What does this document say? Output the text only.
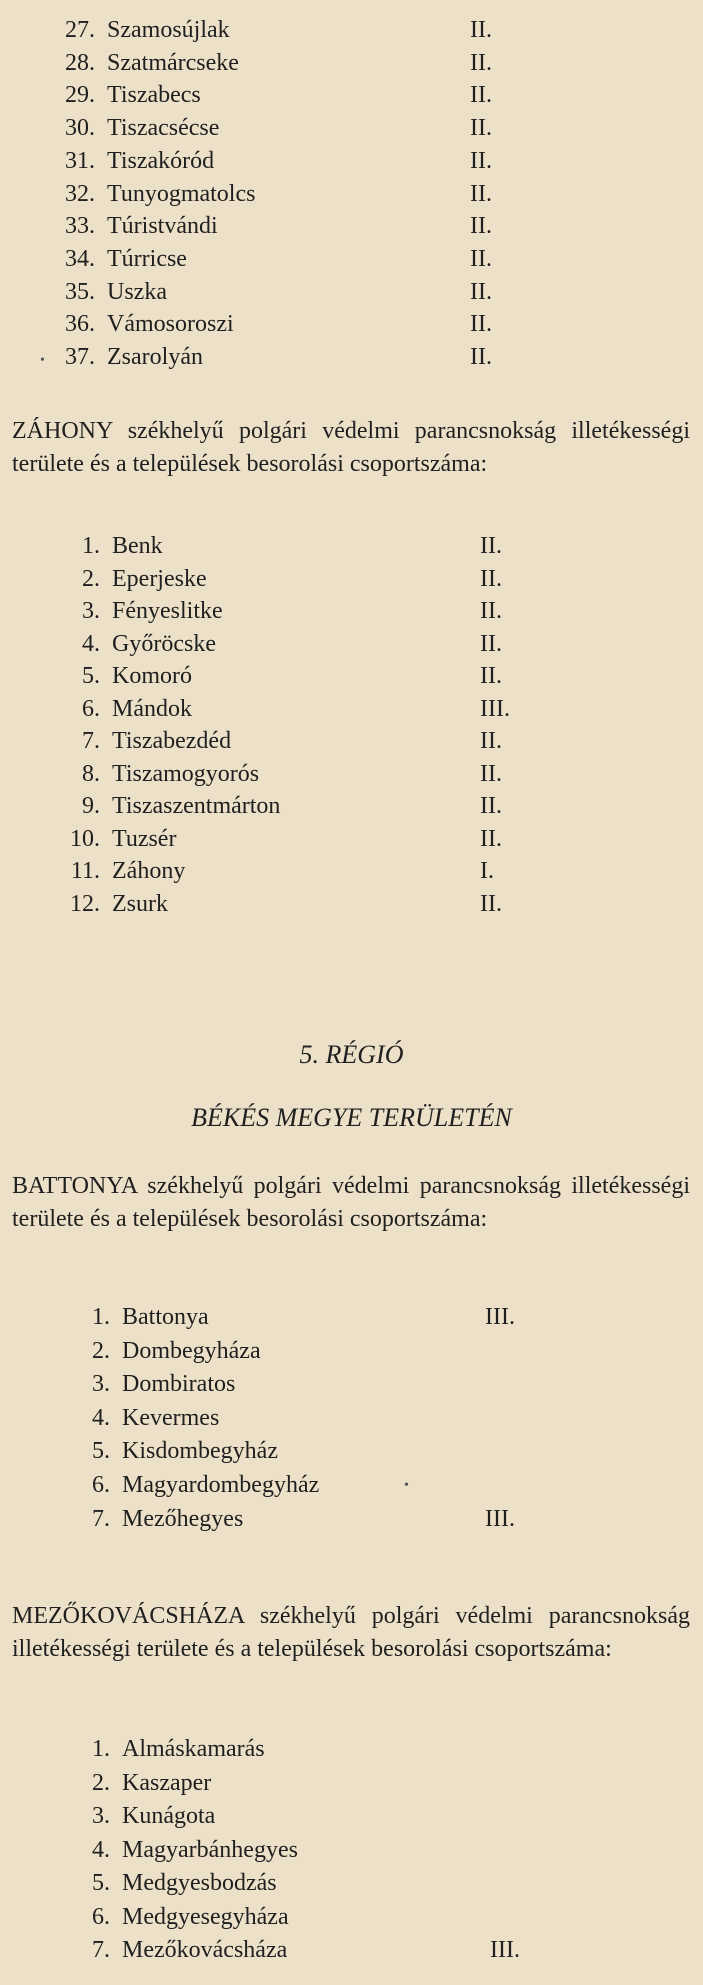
27. Szamosújlak	II.
28. Szatmárcseke	II.
29. Tiszabecs	II.
30. Tiszacsécse	II.
31. Tiszakóród	II.
32. Tunyogmatolcs	II.
33. Túristvándi	II.
34. Túrricse	II.
35. Uszka	II.
36. Vámosoroszi	II.
37. Zsarolyán	II.
ZÁHONY székhelyű polgári védelmi parancsnokság illetékességi területe és a települések besorolási csoportszáma:
1. Benk	II.
2. Eperjeske	II.
3. Fényeslitke	II.
4. Győröcske	II.
5. Komoró	II.
6. Mándok	III.
7. Tiszabezdéd	II.
8. Tiszamogyorós	II.
9. Tiszaszentmárton	II.
10. Tuzsér	II.
11. Záhony	I.
12. Zsurk	II.
5. RÉGIÓ
BÉKÉS MEGYE TERÜLETÉN
BATTONYA székhelyű polgári védelmi parancsnokság illetékességi területe és a települések besorolási csoportszáma:
1. Battonya	III.
2. Dombegyháza
3. Dombiratos
4. Kevermes
5. Kisdombegyház
6. Magyardombegyház
7. Mezőhegyes	III.
MEZŐKOVÁCSHÁZA székhelyű polgári védelmi parancsnokság illetékességi területe és a települések besorolási csoportszáma:
1. Almáskamarás
2. Kaszaper
3. Kunágota
4. Magyarbánhegyes
5. Medgyesbodzás
6. Medgyesegyháza
7. Mezőkovácsháza	III.
•
•
